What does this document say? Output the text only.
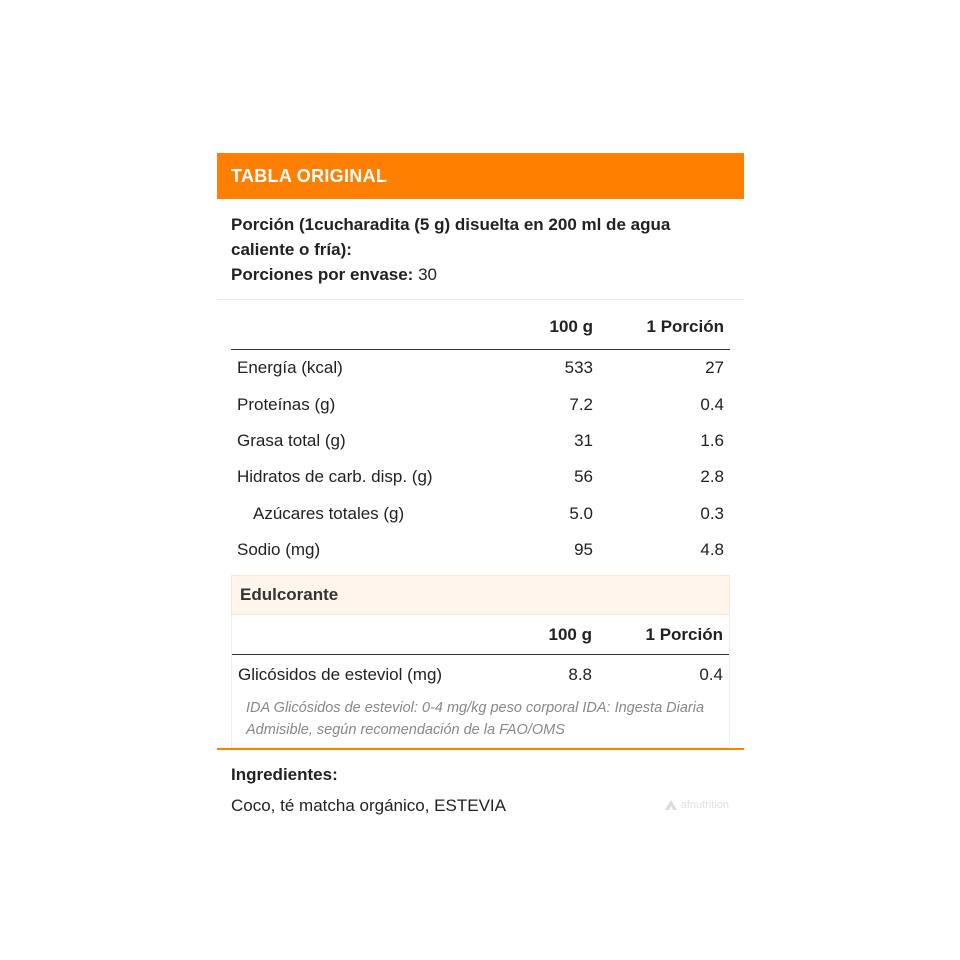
TABLA ORIGINAL
Porción (1cucharadita (5 g) disuelta en 200 ml de agua caliente o fría):
Porciones por envase: 30
	100 g	1 Porción
Energía (kcal)	533	27
Proteínas (g)	7.2	0.4
Grasa total (g)	31	1.6
Hidratos de carb. disp. (g)	56	2.8
Azúcares totales (g)	5.0	0.3
Sodio (mg)	95	4.8
Edulcorante
	100 g	1 Porción
Glicósidos de esteviol (mg)	8.8	0.4
IDA Glicósidos de esteviol: 0-4 mg/kg peso corporal IDA: Ingesta Diaria Admisible, según recomendación de la FAO/OMS
Ingredientes:
Coco, té matcha orgánico, ESTEVIA	afnutrition
